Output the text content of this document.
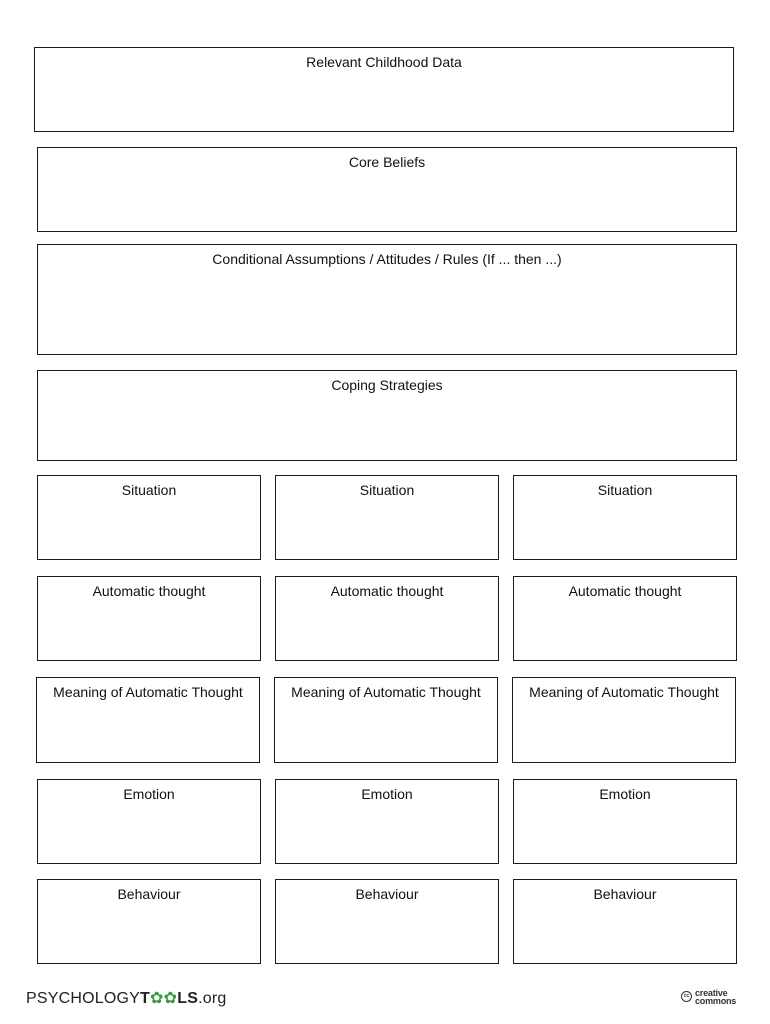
Relevant Childhood Data
Core Beliefs
Conditional Assumptions / Attitudes / Rules (If ... then ...)
Coping Strategies
Situation
Automatic thought
Meaning of Automatic Thought
Emotion
Behaviour
Situation
Automatic thought
Meaning of Automatic Thought
Emotion
Behaviour
Situation
Automatic thought
Meaning of Automatic Thought
Emotion
Behaviour
PSYCHOLOGYT✿✿LS.org	cc creative
commons
